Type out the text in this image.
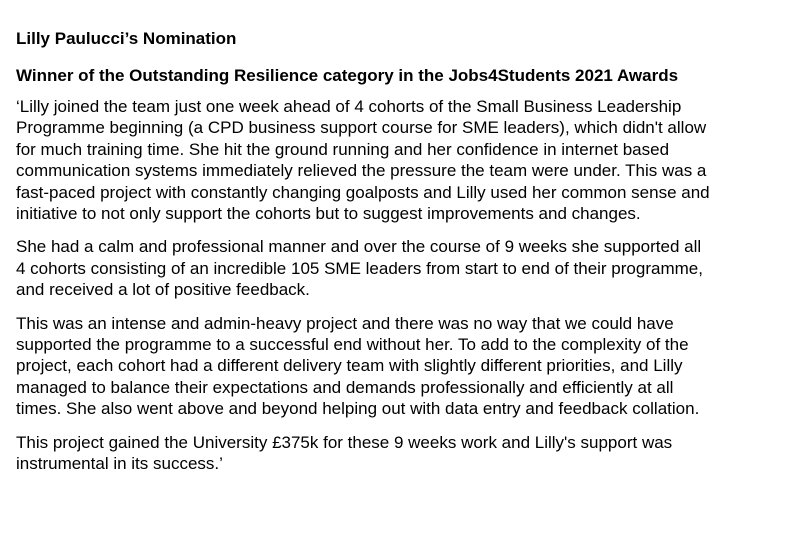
Lilly Paulucci’s Nomination
Winner of the Outstanding Resilience category in the Jobs4Students 2021 Awards

‘Lilly joined the team just one week ahead of 4 cohorts of the Small Business Leadership
Programme beginning (a CPD business support course for SME leaders), which didn't allow
for much training time. She hit the ground running and her confidence in internet based
communication systems immediately relieved the pressure the team were under. This was a
fast-paced project with constantly changing goalposts and Lilly used her common sense and
initiative to not only support the cohorts but to suggest improvements and changes.

She had a calm and professional manner and over the course of 9 weeks she supported all
4 cohorts consisting of an incredible 105 SME leaders from start to end of their programme,
and received a lot of positive feedback.

This was an intense and admin-heavy project and there was no way that we could have
supported the programme to a successful end without her. To add to the complexity of the
project, each cohort had a different delivery team with slightly different priorities, and Lilly
managed to balance their expectations and demands professionally and efficiently at all
times. She also went above and beyond helping out with data entry and feedback collation.

This project gained the University £375k for these 9 weeks work and Lilly's support was
instrumental in its success.’
